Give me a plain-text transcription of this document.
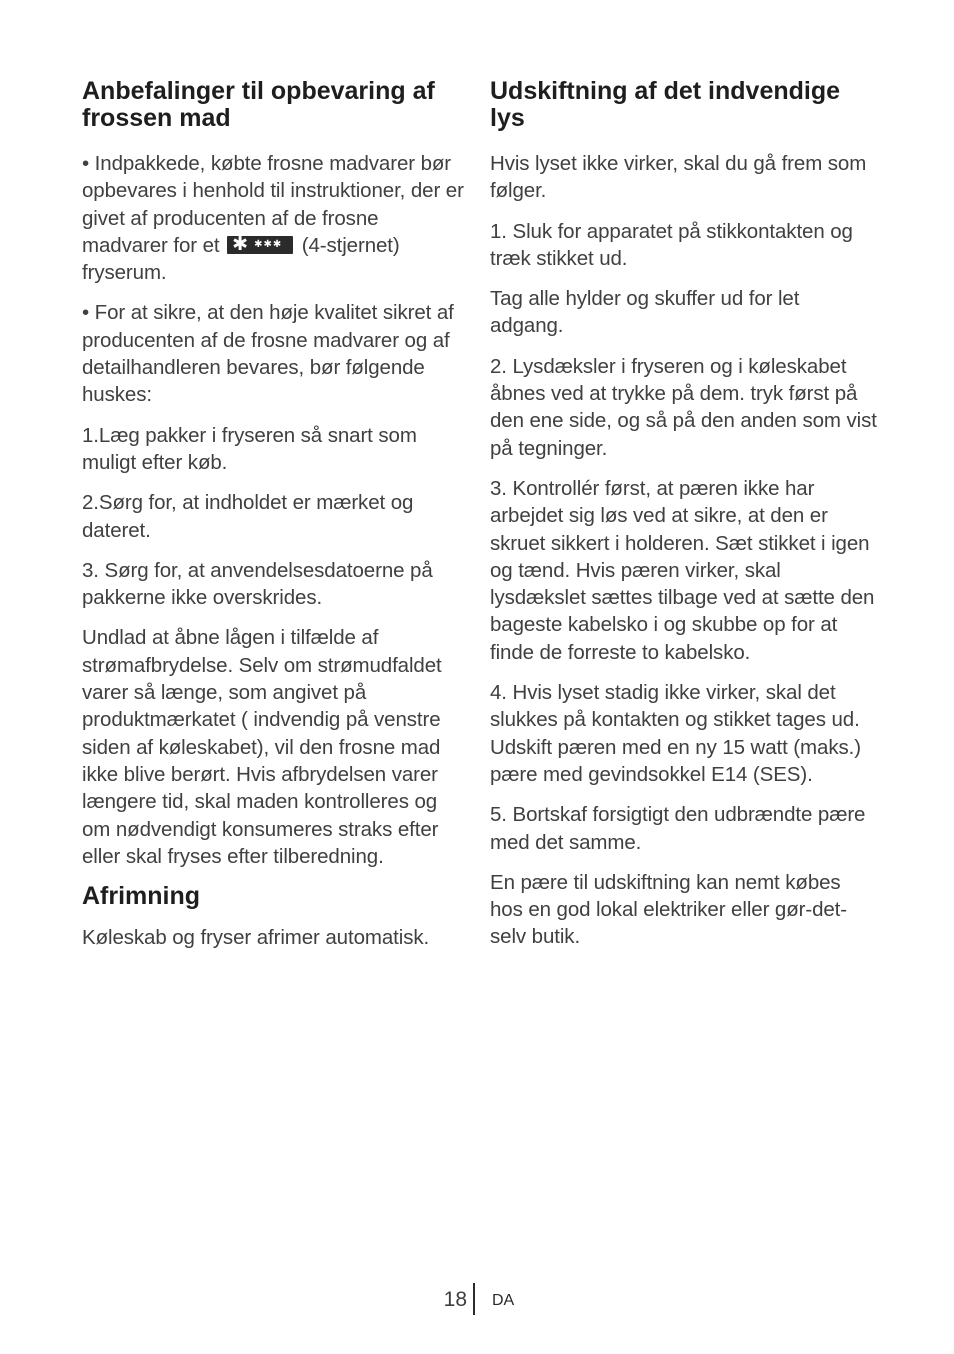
Anbefalinger til opbevaring af frossen mad

• Indpakkede, købte frosne madvarer bør opbevares i henhold til instruktioner, der er givet af producenten af de frosne madvarer for et ✱ ✱✱✱ (4-stjernet) fryserum.

• For at sikre, at den høje kvalitet sikret af producenten af de frosne madvarer og af detailhandleren bevares, bør følgende huskes:

1.Læg pakker i fryseren så snart som muligt efter køb.

2.Sørg for, at indholdet er mærket og dateret.

3. Sørg for, at anvendelsesdatoerne på pakkerne ikke overskrides.

Undlad at åbne lågen i tilfælde af strømafbrydelse. Selv om strømudfaldet varer så længe, som angivet på produktmærkatet ( indvendig på venstre siden af køleskabet), vil den frosne mad ikke blive berørt. Hvis afbrydelsen varer længere tid, skal maden kontrolleres og om nødvendigt konsumeres straks efter eller skal fryses efter tilberedning.

Afrimning

Køleskab og fryser afrimer automatisk.

Udskiftning af det indvendige lys

Hvis lyset ikke virker, skal du gå frem som følger.

1. Sluk for apparatet på stikkontakten og træk stikket ud.

Tag alle hylder og skuffer ud for let adgang.

2. Lysdæksler i fryseren og i køleskabet åbnes ved at trykke på dem. tryk først på den ene side, og så på den anden som vist på tegninger.

3. Kontrollér først, at pæren ikke har arbejdet sig løs ved at sikre, at den er skruet sikkert i holderen. Sæt stikket i igen og tænd. Hvis pæren virker, skal lysdækslet sættes tilbage ved at sætte den bageste kabelsko i og skubbe op for at finde de forreste to kabelsko.

4. Hvis lyset stadig ikke virker, skal det slukkes på kontakten og stikket tages ud. Udskift pæren med en ny 15 watt (maks.) pære med gevindsokkel E14 (SES).

5. Bortskaf forsigtigt den udbrændte pære med det samme.

En pære til udskiftning kan nemt købes hos en god lokal elektriker eller gør-det-selv butik.

18 DA
